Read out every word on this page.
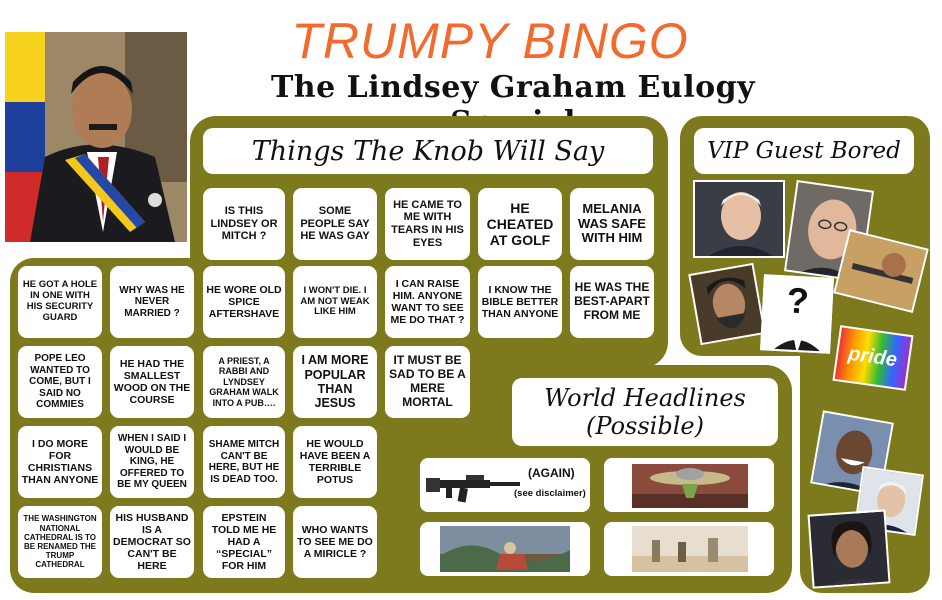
TRUMPY BINGO
The Lindsey Graham Eulogy
Things The Knob Will Say	VIP Guest Bored
World Headlines
(Possible)
IS THIS LINDSEY OR MITCH ?
SOME PEOPLE SAY HE WAS GAY
HE CAME TO ME WITH TEARS IN HIS EYES
HE CHEATED AT GOLF
MELANIA WAS SAFE WITH HIM
HE GOT A HOLE IN ONE WITH HIS SECURITY GUARD
WHY WAS HE NEVER MARRIED ?
HE WORE OLD SPICE AFTERSHAVE
I WON'T DIE. I AM NOT WEAK LIKE HIM
I CAN RAISE HIM. ANYONE WANT TO SEE ME DO THAT ?
I KNOW THE BIBLE BETTER THAN ANYONE
HE WAS THE BEST-APART FROM ME
POPE LEO WANTED TO COME, BUT I SAID NO COMMIES
HE HAD THE SMALLEST WOOD ON THE COURSE
A PRIEST, A RABBI AND LYNDSEY GRAHAM WALK INTO A PUB….
I AM MORE POPULAR THAN JESUS
IT MUST BE SAD TO BE A MERE MORTAL
I DO MORE FOR CHRISTIANS THAN ANYONE
WHEN I SAID I WOULD BE KING, HE OFFERED TO BE MY QUEEN
SHAME MITCH CAN'T BE HERE, BUT HE IS DEAD TOO.
HE WOULD HAVE BEEN A TERRIBLE POTUS
THE WASHINGTON NATIONAL CATHEDRAL IS TO BE RENAMED THE TRUMP CATHEDRAL
HIS HUSBAND IS A DEMOCRAT SO CAN'T BE HERE
EPSTEIN TOLD ME HE HAD A “SPECIAL” FOR HIM
WHO WANTS TO SEE ME DO A MIRICLE ?
(AGAIN)
(see disclaimer)
?
pride
